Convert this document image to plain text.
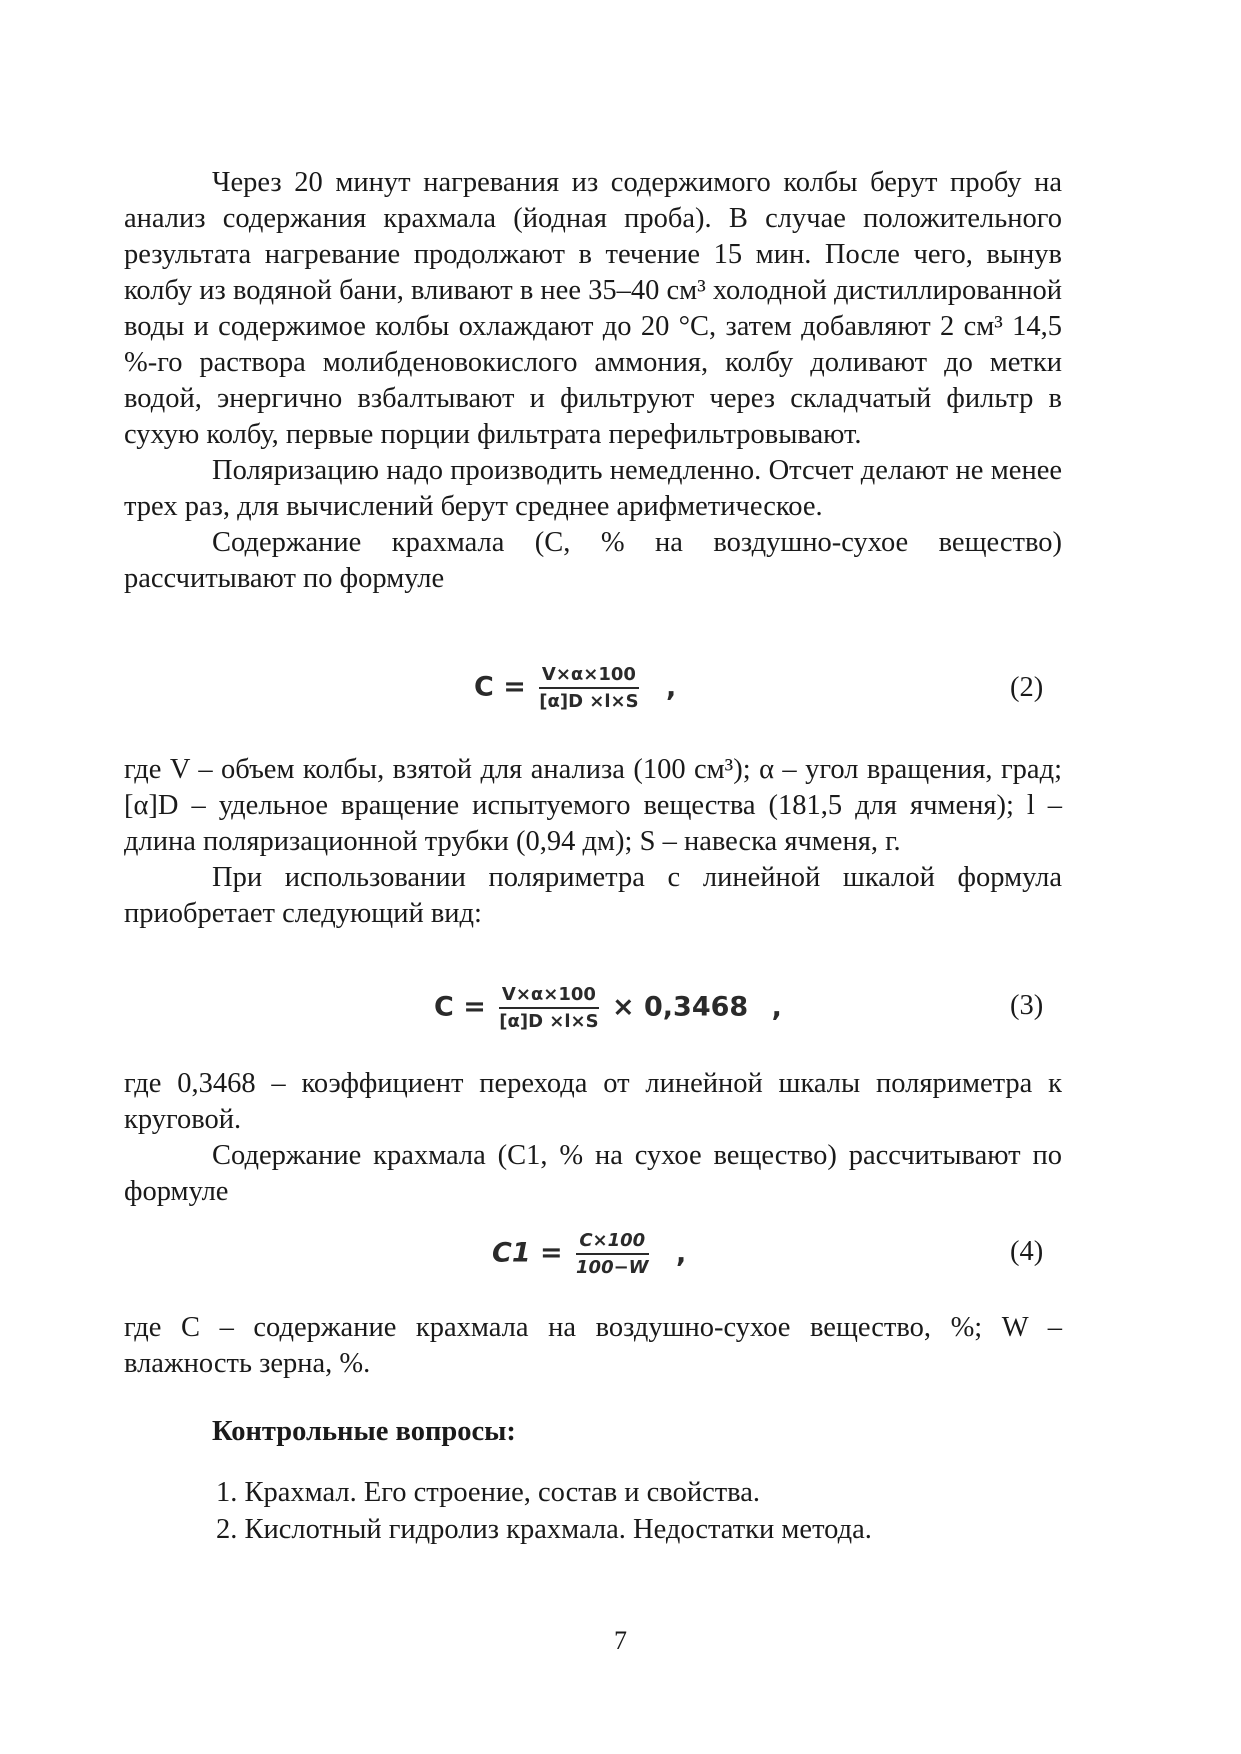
Через 20 минут нагревания из содержимого колбы берут пробу на анализ содержания крахмала (йодная проба). В случае положительного результата нагревание продолжают в течение 15 мин. После чего, вынув колбу из водяной бани, вливают в нее 35–40 см³ холодной дистиллированной воды и содержимое колбы охлаждают до 20 °С, затем добавляют 2 см³ 14,5 %-го раствора молибденовокислого аммония, колбу доливают до метки водой, энергично взбалтывают и фильтруют через складчатый фильтр в сухую колбу, первые порции фильтрата перефильтровывают.

Поляризацию надо производить немедленно. Отсчет делают не менее трех раз, для вычислений берут среднее арифметическое.

Содержание крахмала (С, % на воздушно-сухое вещество) рассчитывают по формуле

$C = \frac{V\times\alpha\times 100}{[\alpha]D \times l\times S}$ ,	(2)

где V – объем колбы, взятой для анализа (100 см³); α – угол вращения, град; [α]D – удельное вращение испытуемого вещества (181,5 для ячменя); l – длина поляризационной трубки (0,94 дм); S – навеска ячменя, г.

При использовании поляриметра с линейной шкалой формула приобретает следующий вид:

$C = \frac{V\times\alpha\times 100}{[\alpha]D \times l\times S} \times 0,3468$ ,	(3)

где 0,3468 – коэффициент перехода от линейной шкалы поляриметра к круговой.

Содержание крахмала (С1, % на сухое вещество) рассчитывают по формуле

$C1 = \frac{C\times 100}{100-W}$ ,	(4)

где С – содержание крахмала на воздушно-сухое вещество, %; W – влажность зерна, %.

Контрольные вопросы:
1. Крахмал. Его строение, состав и свойства.
2. Кислотный гидролиз крахмала. Недостатки метода.
7
